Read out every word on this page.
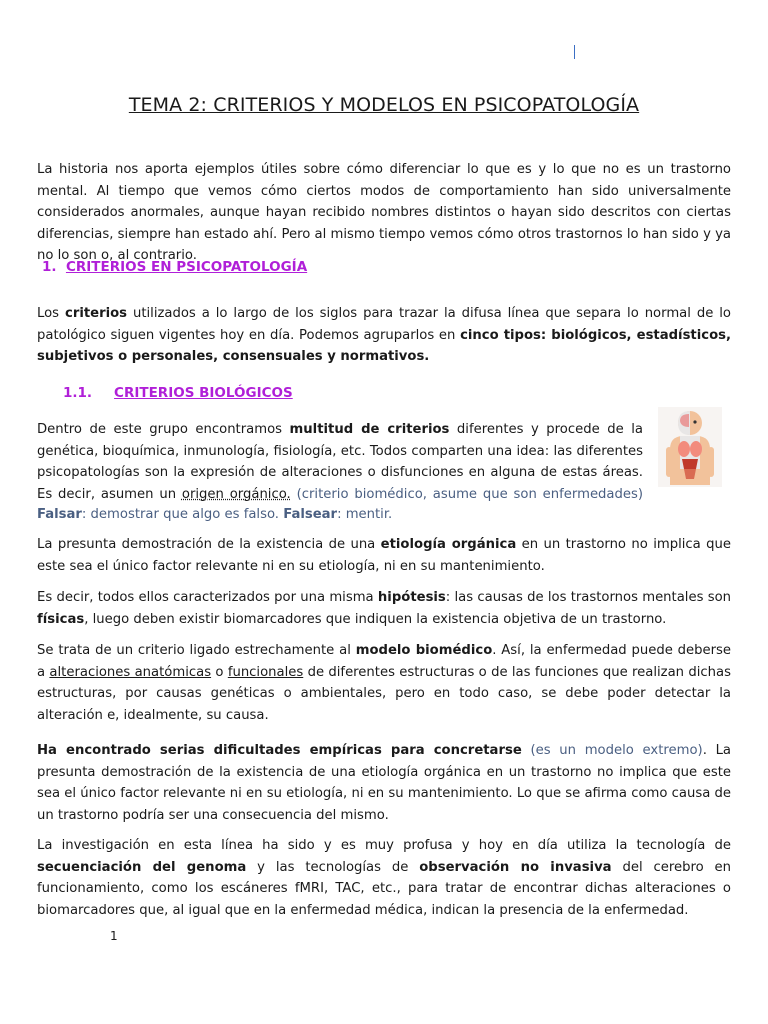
TEMA 2: CRITERIOS Y MODELOS EN PSICOPATOLOGÍA

La historia nos aporta ejemplos útiles sobre cómo diferenciar lo que es y lo que no es un trastorno mental. Al tiempo que vemos cómo ciertos modos de comportamiento han sido universalmente considerados anormales, aunque hayan recibido nombres distintos o hayan sido descritos con ciertas diferencias, siempre han estado ahí. Pero al mismo tiempo vemos cómo otros trastornos lo han sido y ya no lo son o, al contrario.

1. CRITERIOS EN PSICOPATOLOGÍA

Los criterios utilizados a lo largo de los siglos para trazar la difusa línea que separa lo normal de lo patológico siguen vigentes hoy en día. Podemos agruparlos en cinco tipos: biológicos, estadísticos, subjetivos o personales, consensuales y normativos.

1.1. CRITERIOS BIOLÓGICOS

Dentro de este grupo encontramos multitud de criterios diferentes y procede de la genética, bioquímica, inmunología, fisiología, etc. Todos comparten una idea: las diferentes psicopatologías son la expresión de alteraciones o disfunciones en alguna de estas áreas. Es decir, asumen un origen orgánico. (criterio biomédico, asume que son enfermedades)

Falsar: demostrar que algo es falso. Falsear: mentir.

La presunta demostración de la existencia de una etiología orgánica en un trastorno no implica que este sea el único factor relevante ni en su etiología, ni en su mantenimiento.

Es decir, todos ellos caracterizados por una misma hipótesis: las causas de los trastornos mentales son físicas, luego deben existir biomarcadores que indiquen la existencia objetiva de un trastorno.

Se trata de un criterio ligado estrechamente al modelo biomédico. Así, la enfermedad puede deberse a alteraciones anatómicas o funcionales de diferentes estructuras o de las funciones que realizan dichas estructuras, por causas genéticas o ambientales, pero en todo caso, se debe poder detectar la alteración e, idealmente, su causa.

Ha encontrado serias dificultades empíricas para concretarse (es un modelo extremo). La presunta demostración de la existencia de una etiología orgánica en un trastorno no implica que este sea el único factor relevante ni en su etiología, ni en su mantenimiento. Lo que se afirma como causa de un trastorno podría ser una consecuencia del mismo.

La investigación en esta línea ha sido y es muy profusa y hoy en día utiliza la tecnología de secuenciación del genoma y las tecnologías de observación no invasiva del cerebro en funcionamiento, como los escáneres fMRI, TAC, etc., para tratar de encontrar dichas alteraciones o biomarcadores que, al igual que en la enfermedad médica, indican la presencia de la enfermedad.

1
